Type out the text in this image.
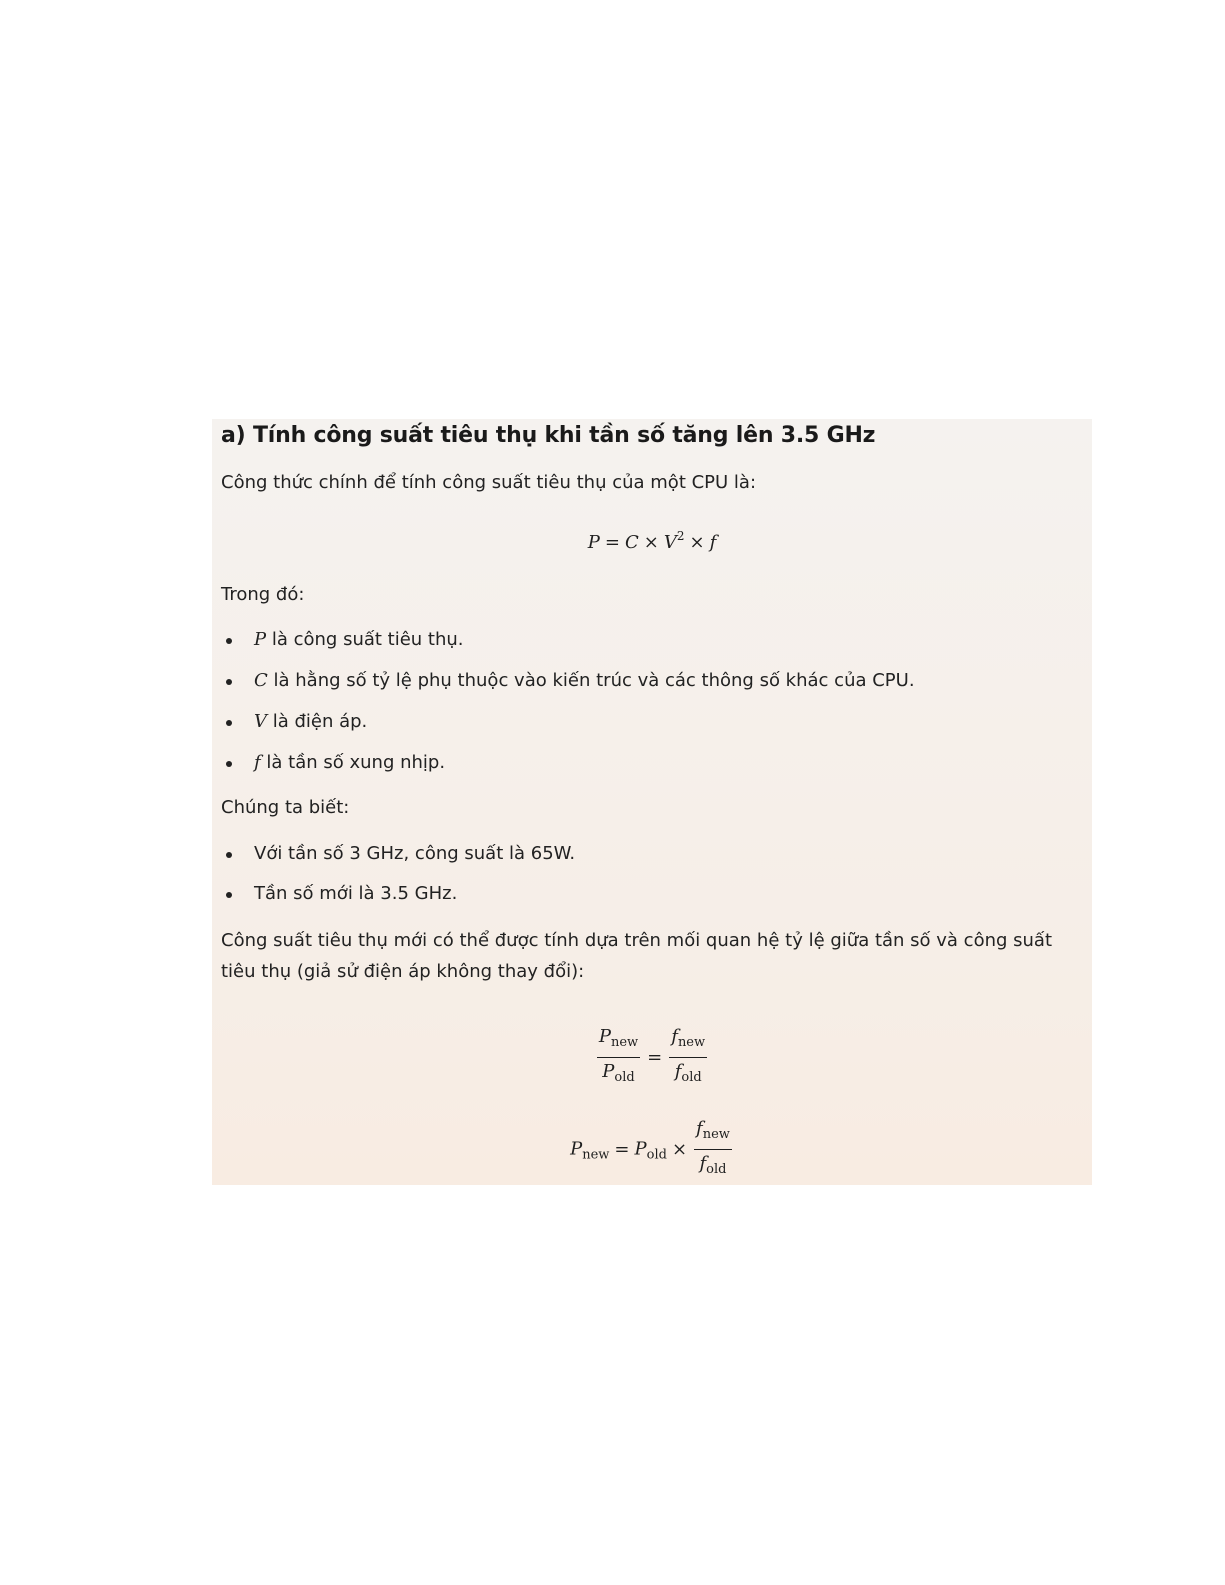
a) Tính công suất tiêu thụ khi tần số tăng lên 3.5 GHz
Công thức chính để tính công suất tiêu thụ của một CPU là:
$P = C \times V^2 \times f$
Trong đó:
P là công suất tiêu thụ.
C là hằng số tỷ lệ phụ thuộc vào kiến trúc và các thông số khác của CPU.
V là điện áp.
f là tần số xung nhịp.
Chúng ta biết:
Với tần số 3 GHz, công suất là 65W.
Tần số mới là 3.5 GHz.
Công suất tiêu thụ mới có thể được tính dựa trên mối quan hệ tỷ lệ giữa tần số và công suất tiêu thụ (giả sử điện áp không thay đổi):
$\frac{P_{new}}{P_{old}} = \frac{f_{new}}{f_{old}}$
$P_{new} = P_{old} \times \frac{f_{new}}{f_{old}}$
